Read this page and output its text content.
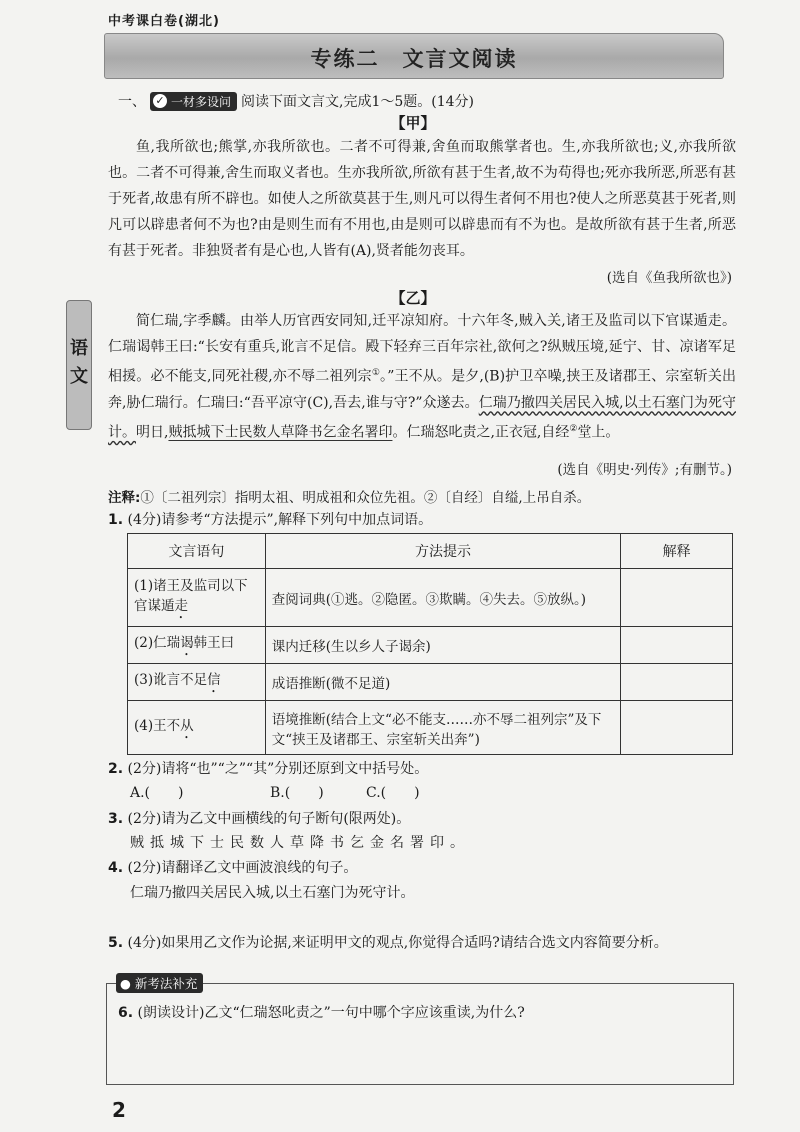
中考课白卷(湖北)
专练二　文言文阅读
语文
一、 ✓ 一材多设问 阅读下面文言文,完成1～5题。(14分)
【甲】

鱼,我所欲也;熊掌,亦我所欲也。二者不可得兼,舍鱼而取熊掌者也。生,亦我所欲也;义,亦我所欲也。二者不可得兼,舍生而取义者也。生亦我所欲,所欲有甚于生者,故不为苟得也;死亦我所恶,所恶有甚于死者,故患有所不辟也。如使人之所欲莫甚于生,则凡可以得生者何不用也?使人之所恶莫甚于死者,则凡可以辟患者何不为也?由是则生而有不用也,由是则可以辟患而有不为也。是故所欲有甚于生者,所恶有甚于死者。非独贤者有是心也,人皆有(A),贤者能勿丧耳。

(选自《鱼我所欲也》)
【乙】

简仁瑞,字季麟。由举人历官西安同知,迁平凉知府。十六年冬,贼入关,诸王及监司以下官谋遁走。仁瑞谒韩王曰:“长安有重兵,讹言不足信。殿下轻弃三百年宗社,欲何之?纵贼压境,延宁、甘、凉诸军足相援。必不能支,同死社稷,亦不辱二祖列宗①。”王不从。是夕,(B)护卫卒噪,挟王及诸郡王、宗室斩关出奔,胁仁瑞行。仁瑞曰:“吾平凉守(C),吾去,谁与守?”众遂去。仁瑞乃撤四关居民入城,以土石塞门为死守计。明日,贼抵城下士民数人草降书乞金名署印。仁瑞怒叱责之,正衣冠,自经②堂上。

(选自《明史·列传》;有删节。)
注释:①〔二祖列宗〕指明太祖、明成祖和众位先祖。②〔自经〕自缢,上吊自杀。
1. (4分)请参考“方法提示”,解释下列句中加点词语。
文言语句	方法提示	解释
(1)诸王及监司以下官谋遁走	查阅词典(①逃。②隐匿。③欺瞒。④失去。⑤放纵。)	
(2)仁瑞谒韩王曰	课内迁移(生以乡人子谒余)	
(3)讹言不足信	成语推断(微不足道)	
(4)王不从	语境推断(结合上文“必不能支……亦不辱二祖列宗”及下文“挟王及诸郡王、宗室斩关出奔”)	
2. (2分)请将“也”“之”“其”分别还原到文中括号处。
A.(　　)	B.(　　)	C.(　　)
3. (2分)请为乙文中画横线的句子断句(限两处)。
贼抵城下士民数人草降书乞金名署印。
4. (2分)请翻译乙文中画波浪线的句子。
仁瑞乃撤四关居民入城,以土石塞门为死守计。
5. (4分)如果用乙文作为论据,来证明甲文的观点,你觉得合适吗?请结合选文内容简要分析。
● 新考法补充
6. (朗读设计)乙文“仁瑞怒叱责之”一句中哪个字应该重读,为什么?
2
